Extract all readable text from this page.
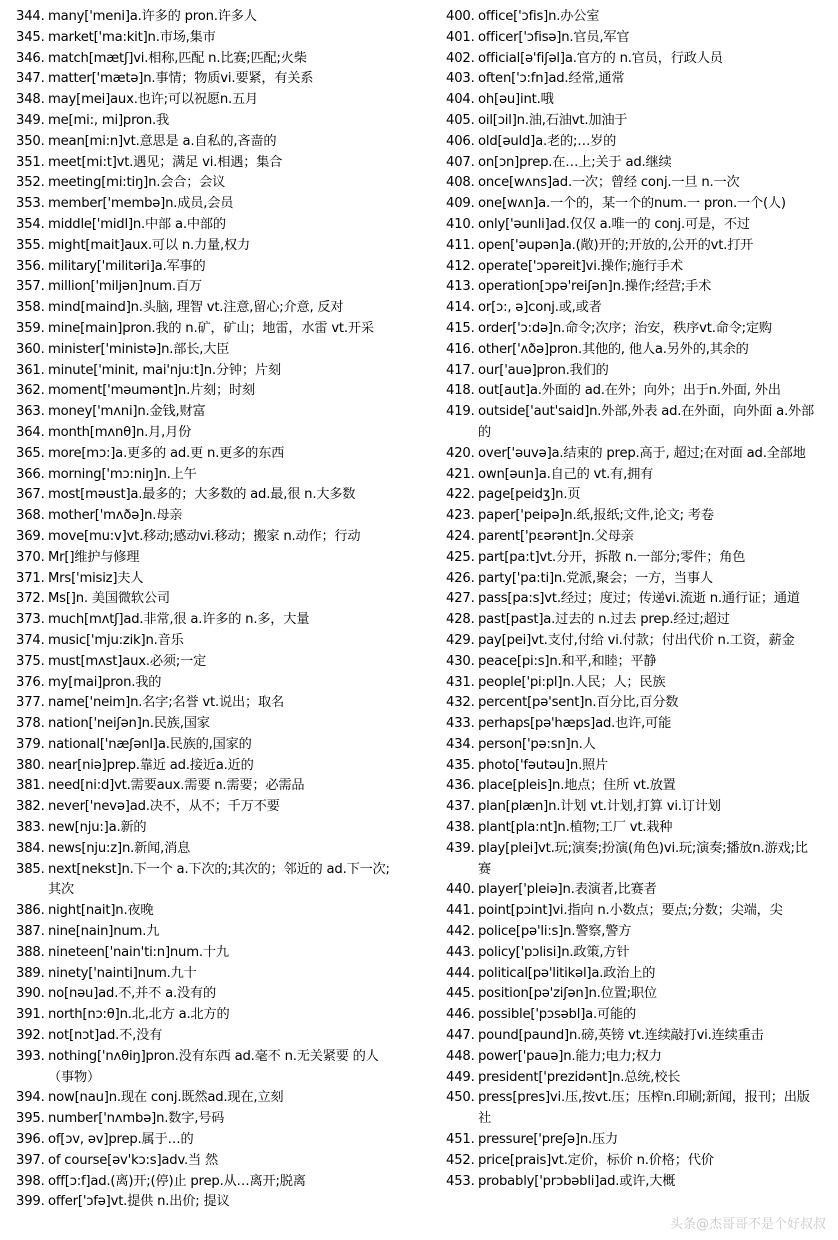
344. many['meni]a.许多的 pron.许多人
345. market['ma:kit]n.市场,集市
346. match[mætʃ]vi.相称,匹配 n.比赛;匹配;火柴
347. matter['mætə]n.事情；物质vi.要紧，有关系
348. may[mei]aux.也许;可以祝愿n.五月
349. me[mi:, mi]pron.我
350. mean[mi:n]vt.意思是 a.自私的,吝啬的
351. meet[mi:t]vt.遇见；满足 vi.相遇；集合
352. meeting[mi:tiŋ]n.会合；会议
353. member['membə]n.成员,会员
354. middle['midl]n.中部 a.中部的
355. might[mait]aux.可以 n.力量,权力
356. military['militəri]a.军事的
357. million['miljən]num.百万
358. mind[maind]n.头脑, 理智 vt.注意,留心;介意, 反对
359. mine[main]pron.我的 n.矿，矿山；地雷，水雷 vt.开采
360. minister['ministə]n.部长,大臣
361. minute['minit, mai'nju:t]n.分钟；片刻
362. moment['məumənt]n.片刻；时刻
363. money['mʌni]n.金钱,财富
364. month[mʌnθ]n.月,月份
365. more[mɔ:]a.更多的 ad.更 n.更多的东西
366. morning['mɔ:niŋ]n.上午
367. most[məust]a.最多的；大多数的 ad.最,很 n.大多数
368. mother['mʌðə]n.母亲
369. move[mu:v]vt.移动;感动vi.移动；搬家 n.动作；行动
370. Mr[]维护与修理
371. Mrs['misiz]夫人
372. Ms[]n. 美国微软公司
373. much[mʌtʃ]ad.非常,很 a.许多的 n.多，大量
374. music['mju:zik]n.音乐
375. must[mʌst]aux.必须;一定
376. my[mai]pron.我的
377. name['neim]n.名字;名誉 vt.说出；取名
378. nation['neiʃən]n.民族,国家
379. national['næʃənl]a.民族的,国家的
380. near[niə]prep.靠近 ad.接近a.近的
381. need[ni:d]vt.需要aux.需要 n.需要；必需品
382. never['nevə]ad.决不，从不；千万不要
383. new[nju:]a.新的
384. news[nju:z]n.新闻,消息
385. next[nekst]n.下一个 a.下次的;其次的；邻近的 ad.下一次;其次
386. night[nait]n.夜晚
387. nine[nain]num.九
388. nineteen['nain'ti:n]num.十九
389. ninety['nainti]num.九十
390. no[nəu]ad.不,并不 a.没有的
391. north[nɔ:θ]n.北,北方 a.北方的
392. not[nɔt]ad.不,没有
393. nothing['nʌθiŋ]pron.没有东西 ad.毫不 n.无关紧要 的人（事物）
394. now[nau]n.现在 conj.既然ad.现在,立刻
395. number['nʌmbə]n.数字,号码
396. of[ɔv, əv]prep.属于…的
397. of course[əv'kɔ:s]adv.当 然
398. off[ɔ:f]ad.(离)开;(停)止 prep.从…离开;脱离
399. offer['ɔfə]vt.提供 n.出价; 提议
400. office['ɔfis]n.办公室
401. officer['ɔfisə]n.官员,军官
402. official[ə'fiʃəl]a.官方的 n.官员，行政人员
403. often['ɔ:fn]ad.经常,通常
404. oh[əu]int.哦
405. oil[ɔil]n.油,石油vt.加油于
406. old[əuld]a.老的;…岁的
407. on[ɔn]prep.在…上;关于 ad.继续
408. once[wʌns]ad.一次；曾经 conj.一旦 n.一次
409. one[wʌn]a.一个的，某一个的num.一 pron.一个(人)
410. only['əunli]ad.仅仅 a.唯一的 conj.可是，不过
411. open['əupən]a.(敞)开的;开放的,公开的vt.打开
412. operate['ɔpəreit]vi.操作;施行手术
413. operation[ɔpə'reiʃən]n.操作;经营;手术
414. or[ɔ:, ə]conj.或,或者
415. order['ɔ:də]n.命令;次序；治安，秩序vt.命令;定购
416. other['ʌðə]pron.其他的, 他人a.另外的,其余的
417. our['auə]pron.我们的
418. out[aut]a.外面的 ad.在外；向外；出于n.外面, 外出
419. outside['aut'said]n.外部,外表 ad.在外面，向外面 a.外部的
420. over['əuvə]a.结束的 prep.高于, 超过;在对面 ad.全部地
421. own[əun]a.自己的 vt.有,拥有
422. page[peidʒ]n.页
423. paper['peipə]n.纸,报纸;文件,论文; 考卷
424. parent['pεərənt]n.父母亲
425. part[pa:t]vt.分开，拆散 n.一部分;零件；角色
426. party['pa:ti]n.党派,聚会；一方，当事人
427. pass[pa:s]vt.经过；度过；传递vi.流逝 n.通行证；通道
428. past[past]a.过去的 n.过去 prep.经过;超过
429. pay[pei]vt.支付,付给 vi.付款；付出代价 n.工资，薪金
430. peace[pi:s]n.和平,和睦；平静
431. people['pi:pl]n.人民；人；民族
432. percent[pə'sent]n.百分比,百分数
433. perhaps[pə'hæps]ad.也许,可能
434. person['pə:sn]n.人
435. photo['fəutəu]n.照片
436. place[pleis]n.地点；住所 vt.放置
437. plan[plæn]n.计划 vt.计划,打算 vi.订计划
438. plant[pla:nt]n.植物;工厂 vt.栽种
439. play[plei]vt.玩;演奏;扮演(角色)vi.玩;演奏;播放n.游戏;比赛
440. player['pleiə]n.表演者,比赛者
441. point[pɔint]vi.指向 n.小数点；要点;分数；尖端，尖
442. police[pə'li:s]n.警察,警方
443. policy['pɔlisi]n.政策,方针
444. political[pə'litikəl]a.政治上的
445. position[pə'ziʃən]n.位置;职位
446. possible['pɔsəbl]a.可能的
447. pound[paund]n.磅,英镑 vt.连续敲打vi.连续重击
448. power['pauə]n.能力;电力;权力
449. president['prezidənt]n.总统,校长
450. press[pres]vi.压,按vt.压；压榨n.印刷;新闻，报刊；出版社
451. pressure['preʃə]n.压力
452. price[prais]vt.定价，标价 n.价格；代价
453. probably['prɔbəbli]ad.或许,大概
头条@杰哥哥不是个好叔叔
